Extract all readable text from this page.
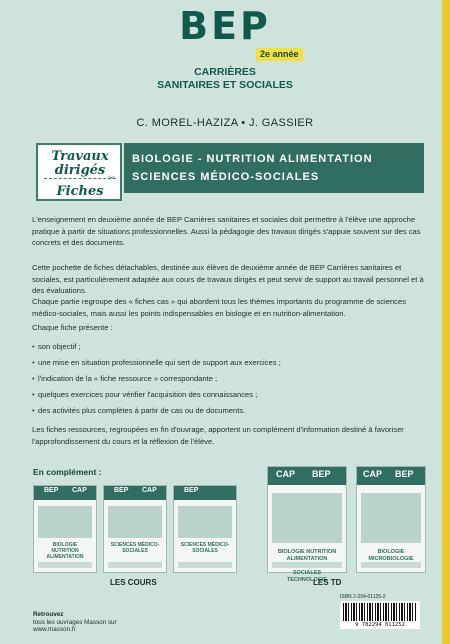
BEP
2e année
CARRIÈRES
SANITAIRES ET SOCIALES
C. MOREL-HAZIZA • J. GASSIER
Travaux
dirigés ✂
Fiches
BIOLOGIE - NUTRITION ALIMENTATION
SCIENCES MÉDICO-SOCIALES
L'enseignement en deuxième année de BEP Carrières sanitaires et sociales doit permettre à l'élève une approche pratique à partir de situations professionnelles. Aussi la pédagogie des travaux dirigés s'appuie souvent sur des cas concrets et des documents.
Cette pochette de fiches détachables, destinée aux élèves de deuxième année de BEP Carrières sanitaires et sociales, est particulièrement adaptée aux cours de travaux dirigés et peut servir de support au travail personnel et à des évaluations.
Chaque partie regroupe des « fiches cas » qui abordent tous les thèmes importants du programme de sciences médico-sociales, mais aussi les points indispensables en biologie et en nutrition-alimentation.
Chaque fiche présente :
• son objectif ;
• une mise en situation professionnelle qui sert de support aux exercices ;
• l'indication de la « fiche ressource » correspondante ;
• quelques exercices pour vérifier l'acquisition des connaissances ;
• des activités plus complètes à partir de cas ou de documents.
Les fiches ressources, regroupées en fin d'ouvrage, apportent un complément d'information destiné à favoriser l'approfondissement du cours et la réflexion de l'élève.
En complément :
BEP CAP
BIOLOGIE NUTRITION ALIMENTATION
BEP CAP
SCIENCES MÉDICO-SOCIALES
BEP
SCIENCES MÉDICO-SOCIALES
CAP BEP
BIOLOGIE NUTRITION ALIMENTATION SOCIALES TECHNOLOGIE
CAP BEP
BIOLOGIE MICROBIOLOGIE
LES COURS	LES TD
Retrouvez
tous les ouvrages Masson sur
www.masson.fr
ISBN 2-294-01125-2
9 782294 011252
